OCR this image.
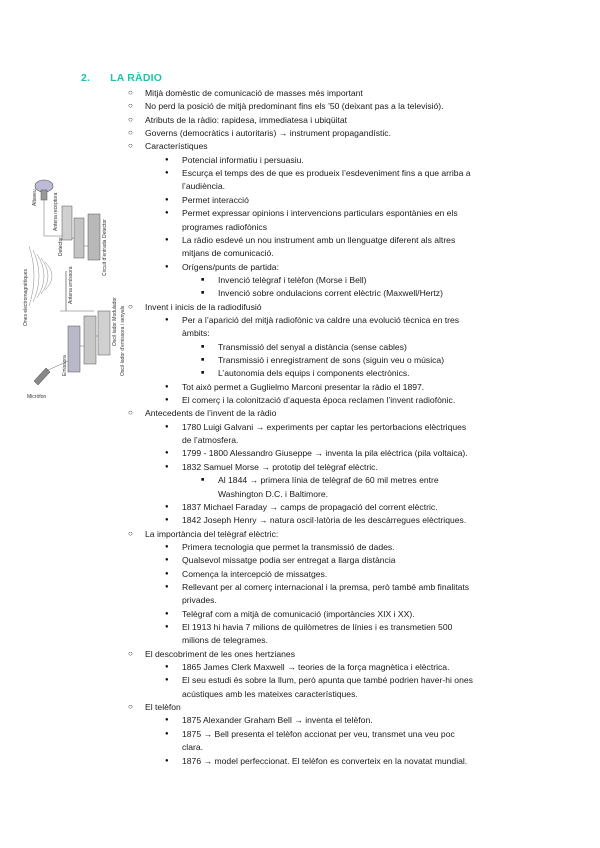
2. LA RÀDIO
○ Mitjà domèstic de comunicació de masses més important
○ No perd la posició de mitjà predominant fins els ’50 (deixant pas a la televisió).
○ Atributs de la ràdio: rapidesa, immediatesa i ubiqüitat
○ Governs (democràtics i autoritaris) → instrument propagandístic.
○ Característiques
● Potencial informatiu i persuasiu.
● Escurça el temps des de que es produeix l’esdeveniment fins a que arriba a
l’audiència.
● Permet interacció
● Permet expressar opinions i intervencions particulars espontànies en els
programes radiofònics
● La ràdio esdevé un nou instrument amb un llenguatge diferent als altres
mitjans de comunicació.
● Orígens/punts de partida:
■ Invenció telègraf i telèfon (Morse i Bell)
■ Invenció sobre ondulacions corrent elèctric (Maxwell/Hertz)
○ Invent i inicis de la radiodifusió
● Per a l’aparició del mitjà radiofònic va caldre una evolució tècnica en tres
àmbits:
■ Transmissió del senyal a distància (sense cables)
■ Transmissió i enregistrament de sons (siguin veu o música)
■ L’autonomia dels equips i components electrònics.
● Tot això permet a Guglielmo Marconi presentar la ràdio el 1897.
● El comerç i la colonització d’aquesta època reclamen l’invent radiofònic.
○ Antecedents de l’invent de la ràdio
● 1780 Luigi Galvani → experiments per captar les pertorbacions elèctriques
de l’atmosfera.
● 1799 - 1800 Alessandro Giuseppe → inventa la pila elèctrica (pila voltaica).
● 1832 Samuel Morse → prototip del telègraf elèctric.
■ Al 1844 → primera línia de telègraf de 60 mil metres entre
Washington D.C. i Baltimore.
● 1837 Michael Faraday → camps de propagació del corrent elèctric.
● 1842 Joseph Henry → natura oscil·latòria de les descàrregues elèctriques.
○ La importància del telègraf elèctric:
● Primera tecnologia que permet la transmissió de dades.
● Qualsevol missatge podia ser entregat a llarga distància
● Comença la intercepció de missatges.
● Rellevant per al comerç internacional i la premsa, però també amb finalitats
privades.
● Telègraf com a mitjà de comunicació (importàncies XIX i XX).
● El 1913 hi havia 7 milions de quilòmetres de línies i es transmetien 500
milions de telegrames.
○ El descobriment de les ones hertzianes
● 1865 James Clerk Maxwell → teories de la força magnètica i elèctrica.
● El seu estudi és sobre la llum, però apunta que també podrien haver-hi ones
acústiques amb les mateixes característiques.
○ El telèfon
● 1875 Alexander Graham Bell → inventa el telèfon.
● 1875 → Bell presenta el telèfon accionat per veu, transmet una veu poc
clara.
● 1876 → model perfeccionat. El telèfon es converteix en la novatat mundial.
Altaveu	Antena receptora
Detector
Detector
Circuit d’entrada
Antena emissora
Ones electromagnètiques	Oscil·lador Modulador Oscil·lador d’emissora i senyals
Emissora
Micròfon
